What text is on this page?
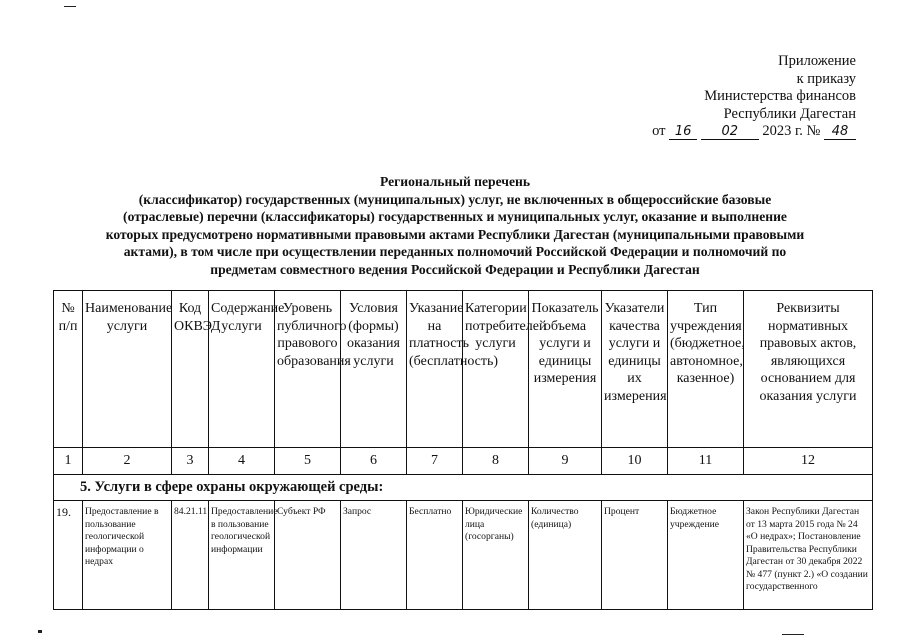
Приложение
к приказу
Министерства финансов
Республики Дагестан
от 16 02 2023 г. № 48
Региональный перечень
(классификатор) государственных (муниципальных) услуг, не включенных в общероссийские базовые
(отраслевые) перечни (классификаторы) государственных и муниципальных услуг, оказание и выполнение
которых предусмотрено нормативными правовыми актами Республики Дагестан (муниципальными правовыми
актами), в том числе при осуществлении переданных полномочий Российской Федерации и полномочий по
предметам совместного ведения Российской Федерации и Республики Дагестан
№ п/п	Наименование услуги	Код ОКВЭД	Содержание услуги	Уровень публичного правового образования	Условия (формы) оказания услуги	Указание на платность (бесплатность)	Категории потребителей услуги	Показатель объема услуги и единицы измерения	Указатели качества услуги и единицы их измерения	Тип учреждения (бюджетное, автономное, казенное)	Реквизиты нормативных правовых актов, являющихся основанием для оказания услуги
1	2	3	4	5	6	7	8	9	10	11	12
5. Услуги в сфере охраны окружающей среды:											
19.	Предоставление в пользование геологической информации о недрах	84.21.11	Предоставление в пользование геологической информации	Субъект РФ	Запрос	Бесплатно	Юридические лица (госорганы)	Количество (единица)	Процент	Бюджетное учреждение	Закон Республики Дагестан от 13 марта 2015 года № 24 «О недрах»; Постановление Правительства Республики Дагестан от 30 декабря 2022 № 477 (пункт 2.) «О создании государственного
